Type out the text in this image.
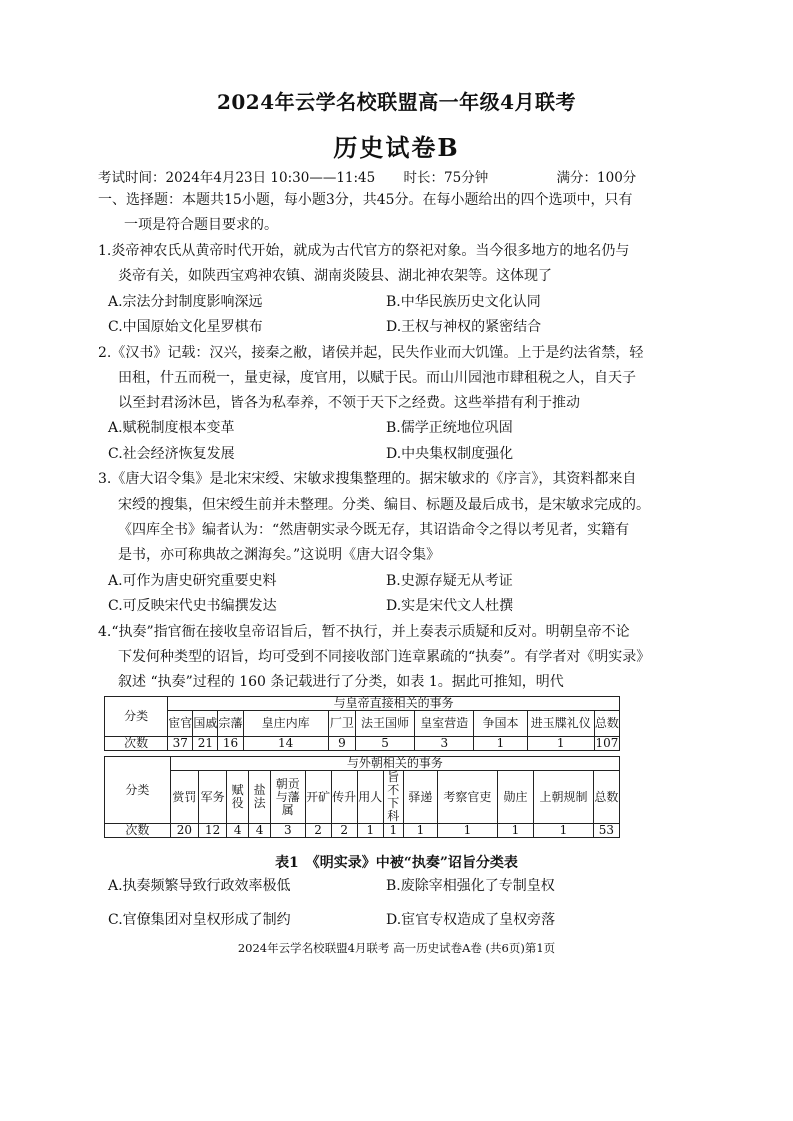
2024年云学名校联盟高一年级4月联考
历史试卷B
考试时间：2024年4月23日 10:30——11:45 时长：75分钟	满分：100分
一、选择题：本题共15小题，每小题3分，共45分。在每小题给出的四个选项中，只有
一项是符合题目要求的。
1.炎帝神农氏从黄帝时代开始，就成为古代官方的祭祀对象。当今很多地方的地名仍与
炎帝有关，如陕西宝鸡神农镇、湖南炎陵县、湖北神农架等。这体现了
A.宗法分封制度影响深远	B.中华民族历史文化认同
C.中国原始文化星罗棋布	D.王权与神权的紧密结合
2.《汉书》记载：汉兴，接秦之敝，诸侯并起，民失作业而大饥馑。上于是约法省禁，轻
田租，什五而税一，量吏禄，度官用，以赋于民。而山川园池市肆租税之人，自天子
以至封君汤沐邑，皆各为私奉养，不领于天下之经费。这些举措有利于推动
A.赋税制度根本变革	B.儒学正统地位巩固
C.社会经济恢复发展	D.中央集权制度强化
3.《唐大诏令集》是北宋宋绶、宋敏求搜集整理的。据宋敏求的《序言》，其资料都来自
宋绶的搜集，但宋绶生前并未整理。分类、编目、标题及最后成书，是宋敏求完成的。
《四库全书》编者认为：“然唐朝实录今既无存，其诏诰命令之得以考见者，实籍有
是书，亦可称典故之渊海矣。”这说明《唐大诏令集》
A.可作为唐史研究重要史料	B.史源存疑无从考证
C.可反映宋代史书编撰发达	D.实是宋代文人杜撰
4.“执奏”指官衙在接收皇帝诏旨后，暂不执行，并上奏表示质疑和反对。明朝皇帝不论
下发何种类型的诏旨，均可受到不同接收部门连章累疏的“执奏”。有学者对《明实录》
叙述 “执奏”过程的 160 条记载进行了分类，如表 1。据此可推知，明代
分类	与皇帝直接相关的事务									
	宦官	国戚	宗藩	皇庄内库	厂卫	法王国师	皇室营造	争国本	进玉牒礼仪	总数
次数	37	21	16	14	9	5	3	1	1	107
分类	与外朝相关的事务													
	赏罚	军务	赋役	盐法	朝贡与藩属	开矿	传升	用人	旨不下科	驿递	考察官吏	勋庄	上朝规制	总数
次数	20	12	4	4	3	2	2	1	1	1	1	1	1	53
表1　《明实录》中被“执奏”诏旨分类表
A.执奏频繁导致行政效率极低	B.废除宰相强化了专制皇权
C.官僚集团对皇权形成了制约	D.宦官专权造成了皇权旁落
2024年云学名校联盟4月联考 高一历史试卷A卷 (共6页)第1页
